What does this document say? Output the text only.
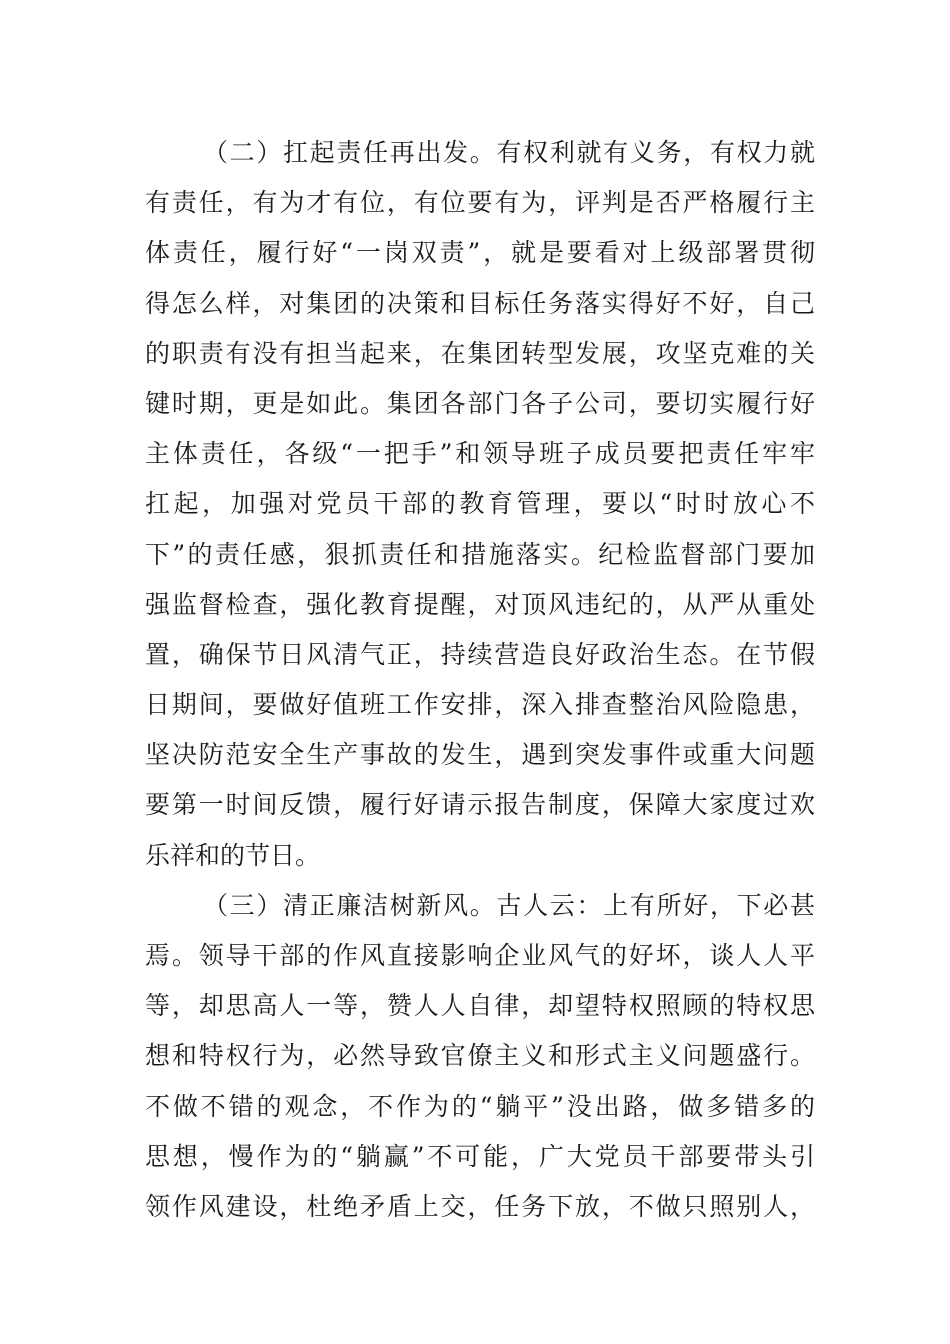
（二）扛起责任再出发。有权利就有义务，有权力就
有责任，有为才有位，有位要有为，评判是否严格履行主
体责任，履行好“一岗双责”，就是要看对上级部署贯彻
得怎么样，对集团的决策和目标任务落实得好不好，自己
的职责有没有担当起来，在集团转型发展，攻坚克难的关
键时期，更是如此。集团各部门各子公司，要切实履行好
主体责任，各级“一把手”和领导班子成员要把责任牢牢
扛起，加强对党员干部的教育管理，要以“时时放心不
下”的责任感，狠抓责任和措施落实。纪检监督部门要加
强监督检查，强化教育提醒，对顶风违纪的，从严从重处
置，确保节日风清气正，持续营造良好政治生态。在节假
日期间，要做好值班工作安排，深入排查整治风险隐患，
坚决防范安全生产事故的发生，遇到突发事件或重大问题
要第一时间反馈，履行好请示报告制度，保障大家度过欢
乐祥和的节日。
（三）清正廉洁树新风。古人云：上有所好，下必甚
焉。领导干部的作风直接影响企业风气的好坏，谈人人平
等，却思高人一等，赞人人自律，却望特权照顾的特权思
想和特权行为，必然导致官僚主义和形式主义问题盛行。
不做不错的观念，不作为的“躺平”没出路，做多错多的
思想，慢作为的“躺赢”不可能，广大党员干部要带头引
领作风建设，杜绝矛盾上交，任务下放，不做只照别人，
